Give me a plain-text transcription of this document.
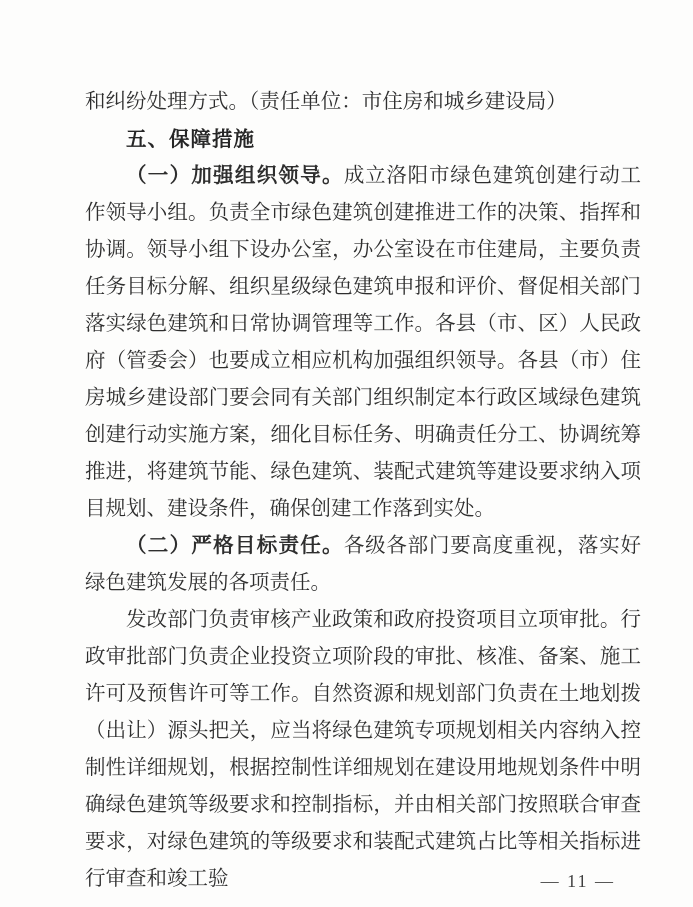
和纠纷处理方式。（责任单位：市住房和城乡建设局）

五、保障措施

（一）加强组织领导。成立洛阳市绿色建筑创建行动工作领导小组。负责全市绿色建筑创建推进工作的决策、指挥和协调。领导小组下设办公室，办公室设在市住建局，主要负责任务目标分解、组织星级绿色建筑申报和评价、督促相关部门落实绿色建筑和日常协调管理等工作。各县（市、区）人民政府（管委会）也要成立相应机构加强组织领导。各县（市）住房城乡建设部门要会同有关部门组织制定本行政区域绿色建筑创建行动实施方案，细化目标任务、明确责任分工、协调统筹推进，将建筑节能、绿色建筑、装配式建筑等建设要求纳入项目规划、建设条件，确保创建工作落到实处。

（二）严格目标责任。各级各部门要高度重视，落实好绿色建筑发展的各项责任。

发改部门负责审核产业政策和政府投资项目立项审批。行政审批部门负责企业投资立项阶段的审批、核准、备案、施工许可及预售许可等工作。自然资源和规划部门负责在土地划拨（出让）源头把关，应当将绿色建筑专项规划相关内容纳入控制性详细规划，根据控制性详细规划在建设用地规划条件中明确绿色建筑等级要求和控制指标，并由相关部门按照联合审查要求，对绿色建筑的等级要求和装配式建筑占比等相关指标进行审查和竣工验	— 11 —
